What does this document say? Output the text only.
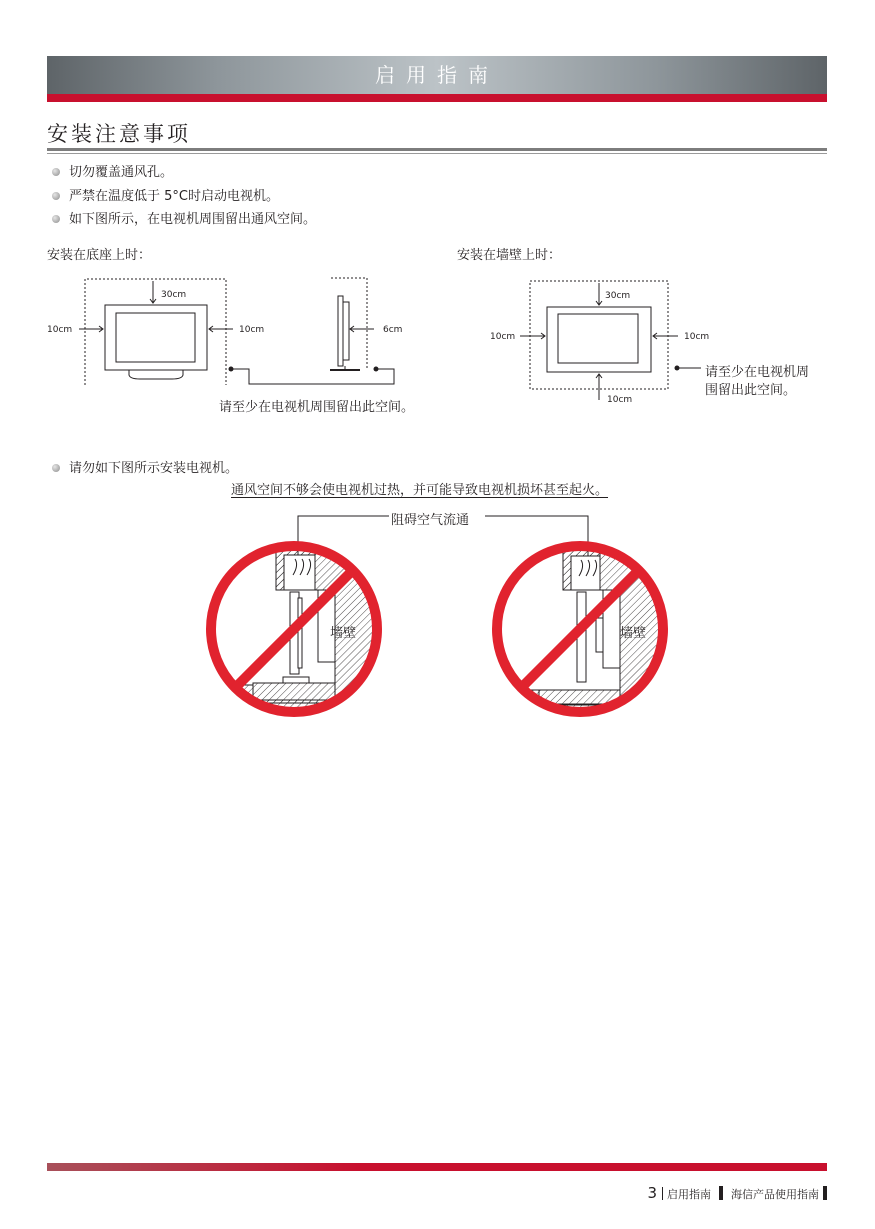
启用指南
安装注意事项
切勿覆盖通风孔。
严禁在温度低于 5°C时启动电视机。
如下图所示，在电视机周围留出通风空间。
安装在底座上时：	安装在墙壁上时：
30cm
10cm	10cm	6cm
请至少在电视机周围留出此空间。
30cm
10cm	10cm
10cm
请至少在电视机周
围留出此空间。
请勿如下图所示安装电视机。
通风空间不够会使电视机过热，并可能导致电视机损坏甚至起火。
阻碍空气流通
墙壁	墙壁
3 启用指南 海信产品使用指南
